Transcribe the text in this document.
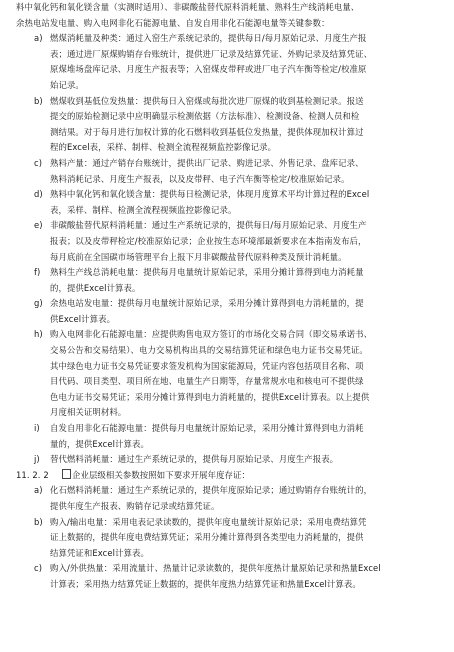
料中氧化钙和氧化镁含量（实测时适用）、非碳酸盐替代原料消耗量、熟料生产线消耗电量、
余热电站发电量、购入电网非化石能源电量、自发自用非化石能源电量等关键参数：
a) 燃煤消耗量及种类：通过入窑生产系统记录的，提供每日/每月原始记录、月度生产报
表；通过进厂原煤购销存台账统计，提供进厂记录及结算凭证、外购记录及结算凭证、
原煤堆场盘库记录、月度生产报表等；入窑煤皮带秤或进厂电子汽车衡等检定/校准原
始记录。
b) 燃煤收到基低位发热量：提供每日入窑煤或每批次进厂原煤的收到基检测记录。报送
提交的原始检测记录中应明确显示检测依据（方法标准）、检测设备、检测人员和检
测结果。对于每月进行加权计算的化石燃料收到基低位发热量，提供体现加权计算过
程的Excel表，采样、制样、检测全流程视频监控影像记录。
c) 熟料产量：通过产销存台账统计，提供出厂记录、购进记录、外售记录、盘库记录、
熟料消耗记录、月度生产报表，以及皮带秤、电子汽车衡等检定/校准原始记录。
d) 熟料中氧化钙和氧化镁含量：提供每日检测记录，体现月度算术平均计算过程的Excel
表，采样、制样、检测全流程视频监控影像记录。
e) 非碳酸盐替代原料消耗量：通过生产系统记录的，提供每日/每月原始记录、月度生产
报表；以及皮带秤检定/校准原始记录；企业按生态环境部最新要求在本指南发布后，
每月底前在全国碳市场管理平台上报下月非碳酸盐替代原料种类及预计消耗量。
f) 熟料生产线总消耗电量：提供每月电量统计原始记录，采用分摊计算得到电力消耗量
的，提供Excel计算表。
g) 余热电站发电量：提供每月电量统计原始记录，采用分摊计算得到电力消耗量的，提
供Excel计算表。
h) 购入电网非化石能源电量：应提供购售电双方签订的市场化交易合同（即交易承诺书、
交易公告和交易结果）、电力交易机构出具的交易结算凭证和绿色电力证书交易凭证。
其中绿色电力证书交易凭证要求签发机构为国家能源局，凭证内容包括项目名称、项
目代码、项目类型、项目所在地、电量生产日期等，存量常规水电和核电可不提供绿
色电力证书交易凭证；采用分摊计算得到电力消耗量的，提供Excel计算表。以上提供
月度相关证明材料。
i) 自发自用非化石能源电量：提供每月电量统计原始记录，采用分摊计算得到电力消耗
量的，提供Excel计算表。
j) 替代燃料消耗量：通过生产系统记录的，提供每月原始记录、月度生产报表。
11. 2. 2	企业层级相关参数按照如下要求开展年度存证：
a) 化石燃料消耗量：通过生产系统记录的，提供年度原始记录；通过购销存台账统计的，
提供年度生产报表、购销存记录或结算凭证。
b) 购入/输出电量：采用电表记录读数的，提供年度电量统计原始记录；采用电费结算凭
证上数据的，提供年度电费结算凭证；采用分摊计算得到各类型电力消耗量的，提供
结算凭证和Excel计算表。
c) 购入/外供热量：采用流量计、热量计记录读数的，提供年度热计量原始记录和热量Excel
计算表；采用热力结算凭证上数据的，提供年度热力结算凭证和热量Excel计算表。
